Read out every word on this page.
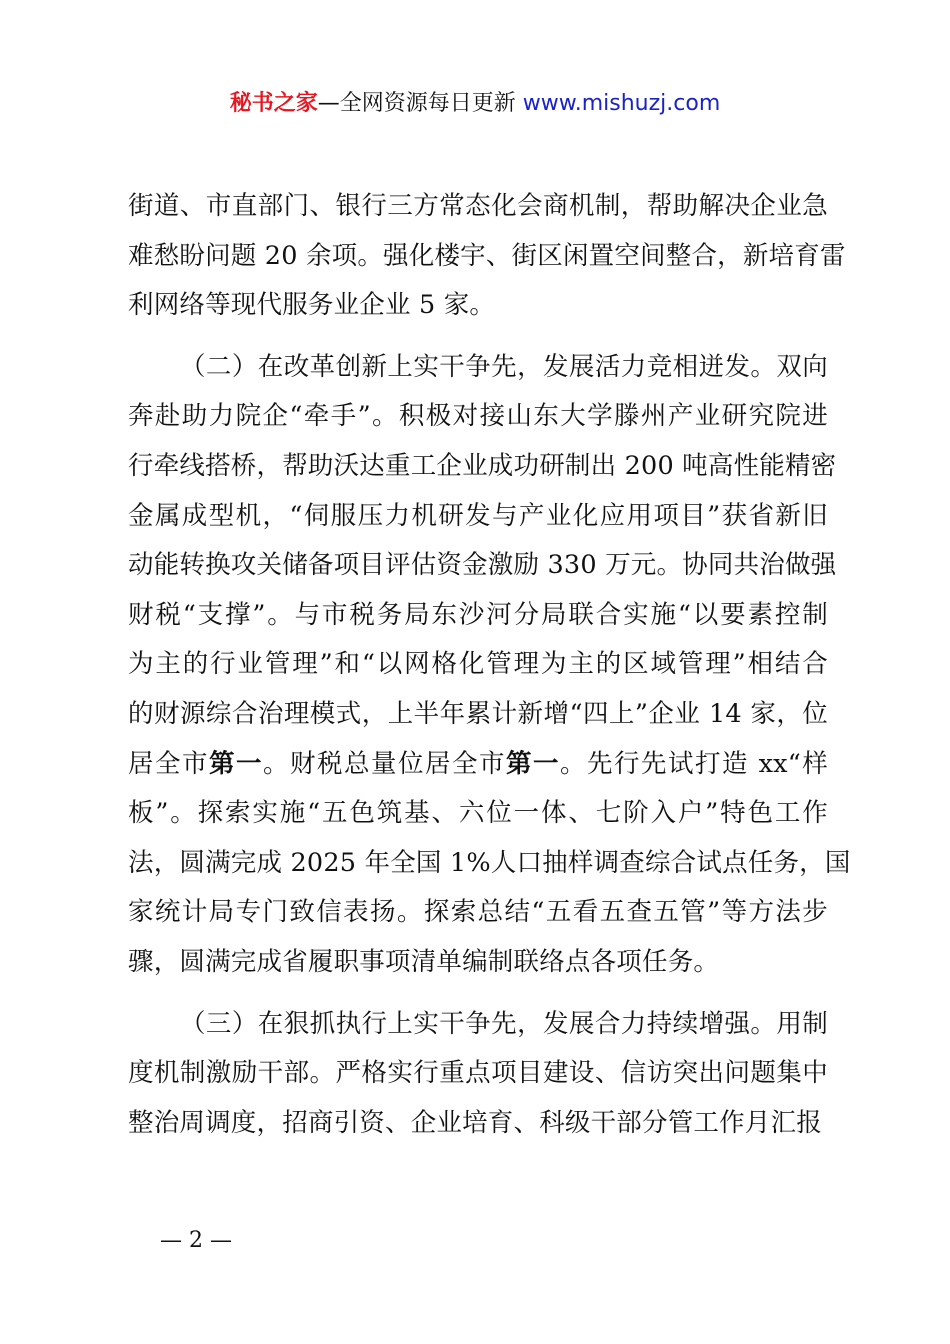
秘书之家—全网资源每日更新 www.mishuzj.com
街道、市直部门、银行三方常态化会商机制，帮助解决企业急
难愁盼问题 20 余项。强化楼宇、街区闲置空间整合，新培育雷
利网络等现代服务业企业 5 家。
（二）在改革创新上实干争先，发展活力竞相迸发。双向
奔赴助力院企“牵手”。积极对接山东大学滕州产业研究院进
行牵线搭桥，帮助沃达重工企业成功研制出 200 吨高性能精密
金属成型机，“伺服压力机研发与产业化应用项目”获省新旧
动能转换攻关储备项目评估资金激励 330 万元。协同共治做强
财税“支撑”。与市税务局东沙河分局联合实施“以要素控制
为主的行业管理”和“以网格化管理为主的区域管理”相结合
的财源综合治理模式，上半年累计新增“四上”企业 14 家，位
居全市第一。财税总量位居全市第一。先行先试打造 xx“样
板”。探索实施“五色筑基、六位一体、七阶入户”特色工作
法，圆满完成 2025 年全国 1%人口抽样调查综合试点任务，国
家统计局专门致信表扬。探索总结“五看五查五管”等方法步
骤，圆满完成省履职事项清单编制联络点各项任务。
（三）在狠抓执行上实干争先，发展合力持续增强。用制
度机制激励干部。严格实行重点项目建设、信访突出问题集中
整治周调度，招商引资、企业培育、科级干部分管工作月汇报
— 2 —
